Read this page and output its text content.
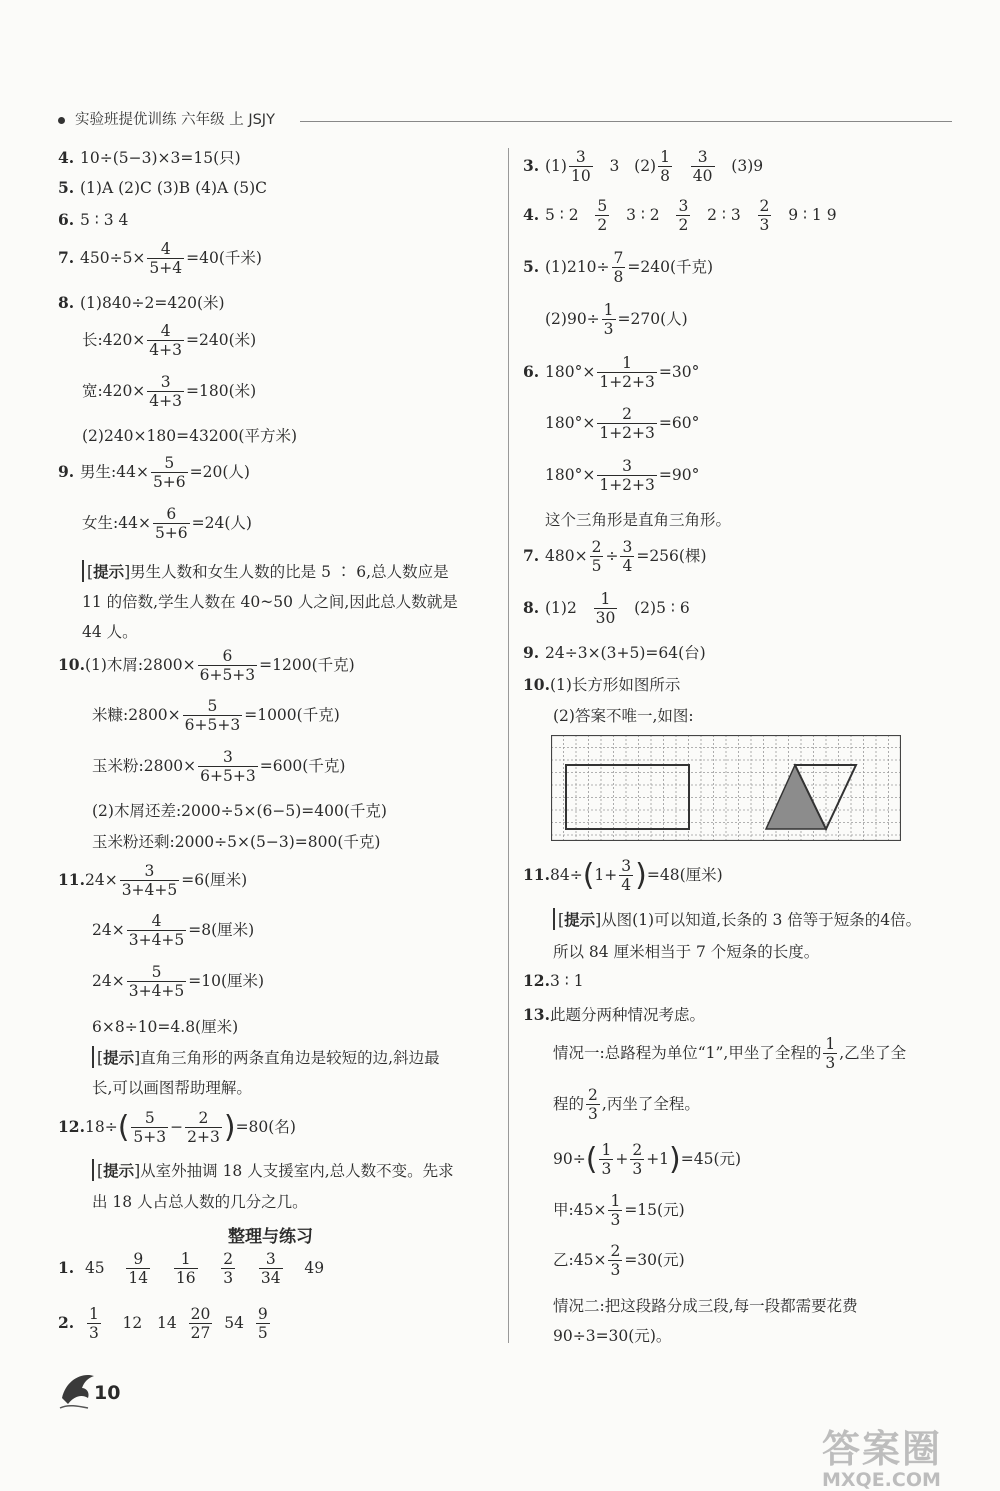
实验班提优训练 六年级 上 JSJY
4. 10÷(5−3)×3=15(只)
5. (1)A (2)C (3)B (4)A (5)C
6. 5 ∶ 3 4
7. $450\div 5\times \frac{4}{5+4} =40$(千米)
8. (1)840÷2=420(米)
长:420× $\frac{4}{4+3} =240$(米)
宽:420× $\frac{3}{4+3} =180$(米)
(2)240×180=43200(平方米)
9. 男生:44× $\frac{5}{5+6} =20$(人)
女生:44× $\frac{6}{5+6} =24$(人)
[提示]男生人数和女生人数的比是 5 ∶ 6,总人数应是
11 的倍数,学生人数在 40~50 人之间,因此总人数就是
44 人。
10.(1)木屑:2800× $\frac{6}{6+5+3} =1200$(千克)
米糠:2800× $\frac{5}{6+5+3} =1000$(千克)
玉米粉:2800× $\frac{3}{6+5+3} =600$(千克)
(2)木屑还差:2000÷5×(6−5)=400(千克)
玉米粉还剩:2000÷5×(5−3)=800(千克)
$11.24\times \frac{3}{3+4+5} =6$(厘米)
$24\times \frac{4}{3+4+5} =8$(厘米)
$24\times \frac{5}{3+4+5} =10$(厘米)
6×8÷10=4.8(厘米)
[提示]直角三角形的两条直角边是较短的边,斜边最
长,可以画图帮助理解。
$12.18\div( \frac{5}{5+3} - \frac{2}{2+3} )=80$(名)
[提示]从室外抽调 18 人支援室内,总人数不变。先求
出 18 人占总人数的几分之几。
整理与练习
1. $45 \frac{9}{14}$
$\frac{1}{16}$
$\frac{2}{3}$
$\frac{3}{34} 49$
2. $\frac{1}{3} 12$ $14 \frac{20}{27} 54 \frac{9}{5}$
3. $(1) \frac{3}{10} 3$ $(2) \frac{1}{8}$
$\frac{3}{40} (3)9$
4. 5 ∶ $2 \frac{5}{2} 3$ ∶ $2 \frac{3}{2} 2$ ∶ $3 \frac{2}{3} 9$ ∶ 1 9
5. $(1)210\div \frac{7}{8} =240$(千克)
$(2)90\div \frac{1}{3} =270$(人)
6. $180^\circ\times \frac{1}{1+2+3} =30^\circ$
$180^\circ\times \frac{2}{1+2+3} =60^\circ$
$180^\circ\times \frac{3}{1+2+3} =90^\circ$
这个三角形是直角三角形。
7. $480\times \frac{2}{5} \div \frac{3}{4} =256$(棵)
8. $(1)2 \frac{1}{30} (2)5$ ∶ 6
9. 24÷3×(3+5)=64(台)
10.(1)长方形如图所示
(2)答案不唯一,如图:
$11.84\div(1+ \frac{3}{4} )=48$(厘米)
[提示]从图(1)可以知道,长条的 3 倍等于短条的4倍。
所以 84 厘米相当于 7 个短条的长度。
12.3 ∶ 1
13.此题分两种情况考虑。
情况一:总路程为单位“1”,甲坐了全程的 $\frac{1}{3}$ ,乙坐了全
程的 $\frac{2}{3}$ ,丙坐了全程。
$90\div( \frac{1}{3} + \frac{2}{3} +1)=45$(元)
甲:45× $\frac{1}{3} =15$(元)
乙:45× $\frac{2}{3} =30$(元)
情况二:把这段路分成三段,每一段都需要花费
90÷3=30(元)。
10
答案圈
MXQE.COM
